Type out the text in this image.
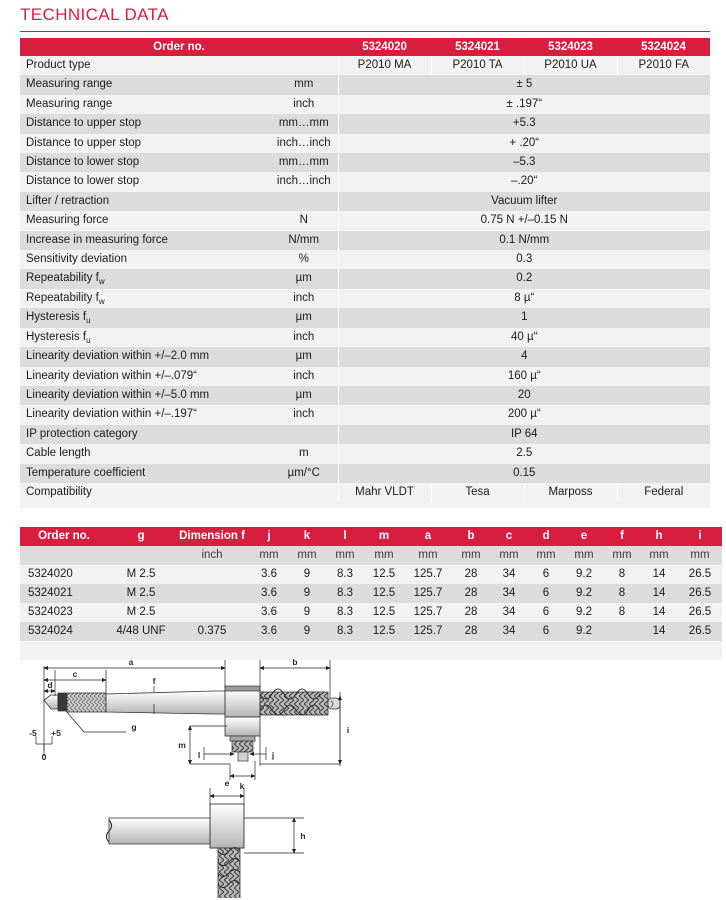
TECHNICAL DATA
Order no.		5324020	5324021	5324023	5324024
Product type		P2010 MA	P2010 TA	P2010 UA	P2010 FA
Measuring range	mm	± 5			
Measuring range	inch	± .197“			
Distance to upper stop	mm…mm	+5.3			
Distance to upper stop	inch…inch	+ .20“			
Distance to lower stop	mm…mm	–5.3			
Distance to lower stop	inch…inch	–.20“			
Lifter / retraction		Vacuum lifter			
Measuring force	N	0.75 N +/–0.15 N			
Increase in measuring force	N/mm	0.1 N/mm			
Sensitivity deviation	%	0.3			
Repeatability $f_w$	µm	0.2			
Repeatability $f_w$	inch	8 µ“			
Hysteresis $f_u$	µm	1			
Hysteresis $f_u$	inch	40 µ“			
Linearity deviation within +/–2.0 mm	µm	4			
Linearity deviation within +/–.079“	inch	160 µ“			
Linearity deviation within +/–5.0 mm	µm	20			
Linearity deviation within +/–.197“	inch	200 µ“			
IP protection category		IP 64			
Cable length	m	2.5			
Temperature coefficient	µm/°C	0.15			
Compatibility		Mahr VLDT	Tesa	Marposs	Federal

Order no.	g	Dimension f	j	k	l	m	a	b	c	d	e	f	h	i
		inch	mm	mm	mm	mm	mm	mm	mm	mm	mm	mm	mm	mm
5324020	M 2.5		3.6	9	8.3	12.5	125.7	28	34	6	9.2	8	14	26.5
5324021	M 2.5		3.6	9	8.3	12.5	125.7	28	34	6	9.2	8	14	26.5
5324023	M 2.5		3.6	9	8.3	12.5	125.7	28	34	6	9.2	8	14	26.5
5324024	4/48 UNF	0.375	3.6	9	8.3	12.5	125.7	28	34	6	9.2		14	26.5

a	b
c
d	f
g	i
m
l	j
k
-5 +5
0
e
h
